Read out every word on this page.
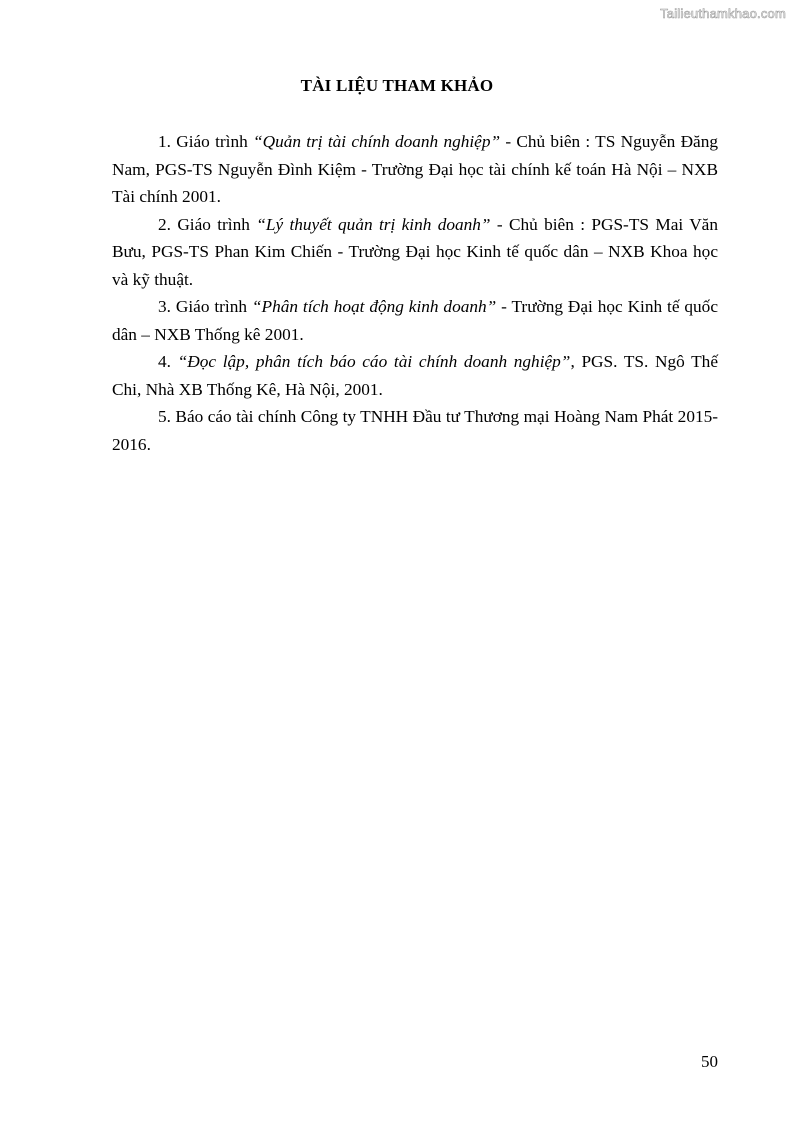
Tailieuthamkhao.com
TÀI LIỆU THAM KHẢO

1. Giáo trình “Quản trị tài chính doanh nghiệp” - Chủ biên : TS Nguyễn Đăng Nam, PGS-TS Nguyễn Đình Kiệm - Trường Đại học tài chính kế toán Hà Nội – NXB Tài chính 2001.

2. Giáo trình “Lý thuyết quản trị kinh doanh” - Chủ biên : PGS-TS Mai Văn Bưu, PGS-TS Phan Kim Chiến - Trường Đại học Kinh tế quốc dân – NXB Khoa học và kỹ thuật.

3. Giáo trình “Phân tích hoạt động kinh doanh” - Trường Đại học Kinh tế quốc dân – NXB Thống kê 2001.

4. “Đọc lập, phân tích báo cáo tài chính doanh nghiệp”, PGS. TS. Ngô Thế Chi, Nhà XB Thống Kê, Hà Nội, 2001.

5. Báo cáo tài chính Công ty TNHH Đầu tư Thương mại Hoàng Nam Phát 2015-2016.

50
